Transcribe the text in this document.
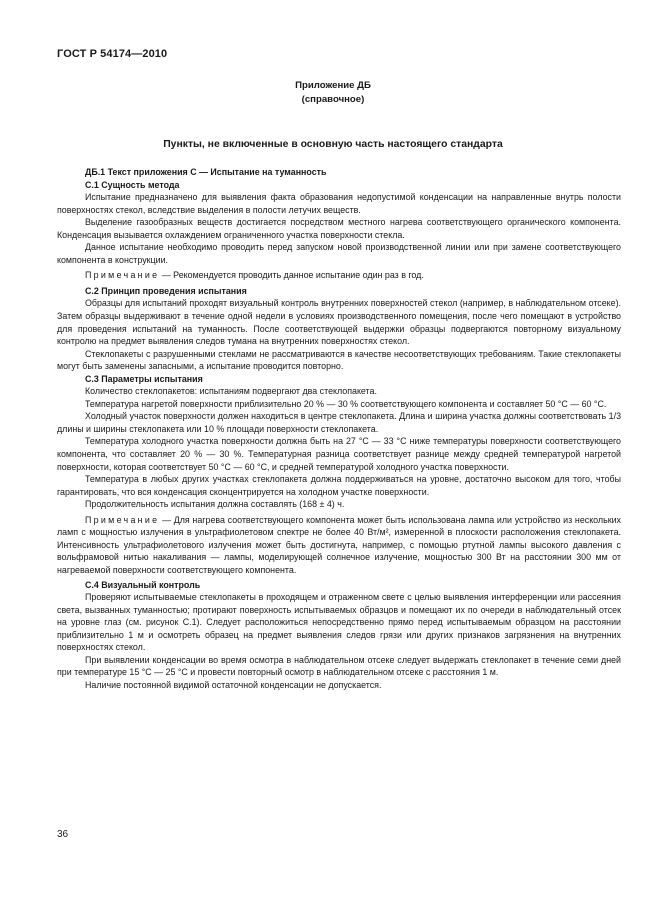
ГОСТ Р 54174—2010
Приложение ДБ
(справочное)
Пункты, не включенные в основную часть настоящего стандарта

ДБ.1 Текст приложения С — Испытание на туманность

С.1 Сущность метода

Испытание предназначено для выявления факта образования недопустимой конденсации на направленные внутрь полости поверхностях стекол, вследствие выделения в полости летучих веществ.

Выделение газообразных веществ достигается посредством местного нагрева соответствующего органического компонента. Конденсация вызывается охлаждением ограниченного участка поверхности стекла.

Данное испытание необходимо проводить перед запуском новой производственной линии или при замене соответствующего компонента в конструкции.

Примечание — Рекомендуется проводить данное испытание один раз в год.

С.2 Принцип проведения испытания

Образцы для испытаний проходят визуальный контроль внутренних поверхностей стекол (например, в наблюдательном отсеке). Затем образцы выдерживают в течение одной недели в условиях производственного помещения, после чего помещают в устройство для проведения испытаний на туманность. После соответствующей выдержки образцы подвергаются повторному визуальному контролю на предмет выявления следов тумана на внутренних поверхностях стекол.

Стеклопакеты с разрушенными стеклами не рассматриваются в качестве несоответствующих требованиям. Такие стеклопакеты могут быть заменены запасными, а испытание проводится повторно.

С.3 Параметры испытания

Количество стеклопакетов: испытаниям подвергают два стеклопакета.

Температура нагретой поверхности приблизительно 20 % — 30 % соответствующего компонента и составляет 50 °С — 60 °С.

Холодный участок поверхности должен находиться в центре стеклопакета. Длина и ширина участка должны соответствовать 1/3 длины и ширины стеклопакета или 10 % площади поверхности стеклопакета.

Температура холодного участка поверхности должна быть на 27 °С — 33 °С ниже температуры поверхности соответствующего компонента, что составляет 20 % — 30 %. Температурная разница соответствует разнице между средней температурой нагретой поверхности, которая соответствует 50 °С — 60 °С, и средней температурой холодного участка поверхности.

Температура в любых других участках стеклопакета должна поддерживаться на уровне, достаточно высоком для того, чтобы гарантировать, что вся конденсация сконцентрируется на холодном участке поверхности.

Продолжительность испытания должна составлять (168 ± 4) ч.

Примечание — Для нагрева соответствующего компонента может быть использована лампа или устройство из нескольких ламп с мощностью излучения в ультрафиолетовом спектре не более 40 Вт/м², измеренной в плоскости расположения стеклопакета. Интенсивность ультрафиолетового излучения может быть достигнута, например, с помощью ртутной лампы высокого давления с вольфрамовой нитью накаливания — лампы, моделирующей солнечное излучение, мощностью 300 Вт на расстоянии 300 мм от нагреваемой поверхности соответствующего компонента.

С.4 Визуальный контроль

Проверяют испытываемые стеклопакеты в проходящем и отраженном свете с целью выявления интерференции или рассеяния света, вызванных туманностью; протирают поверхность испытываемых образцов и помещают их по очереди в наблюдательный отсек на уровне глаз (см. рисунок С.1). Следует расположиться непосредственно прямо перед испытываемым образцом на расстоянии приблизительно 1 м и осмотреть образец на предмет выявления следов грязи или других признаков загрязнения на внутренних поверхностях стекол.

При выявлении конденсации во время осмотра в наблюдательном отсеке следует выдержать стеклопакет в течение семи дней при температуре 15 °С — 25 °С и провести повторный осмотр в наблюдательном отсеке с расстояния 1 м.

Наличие постоянной видимой остаточной конденсации не допускается.

36
